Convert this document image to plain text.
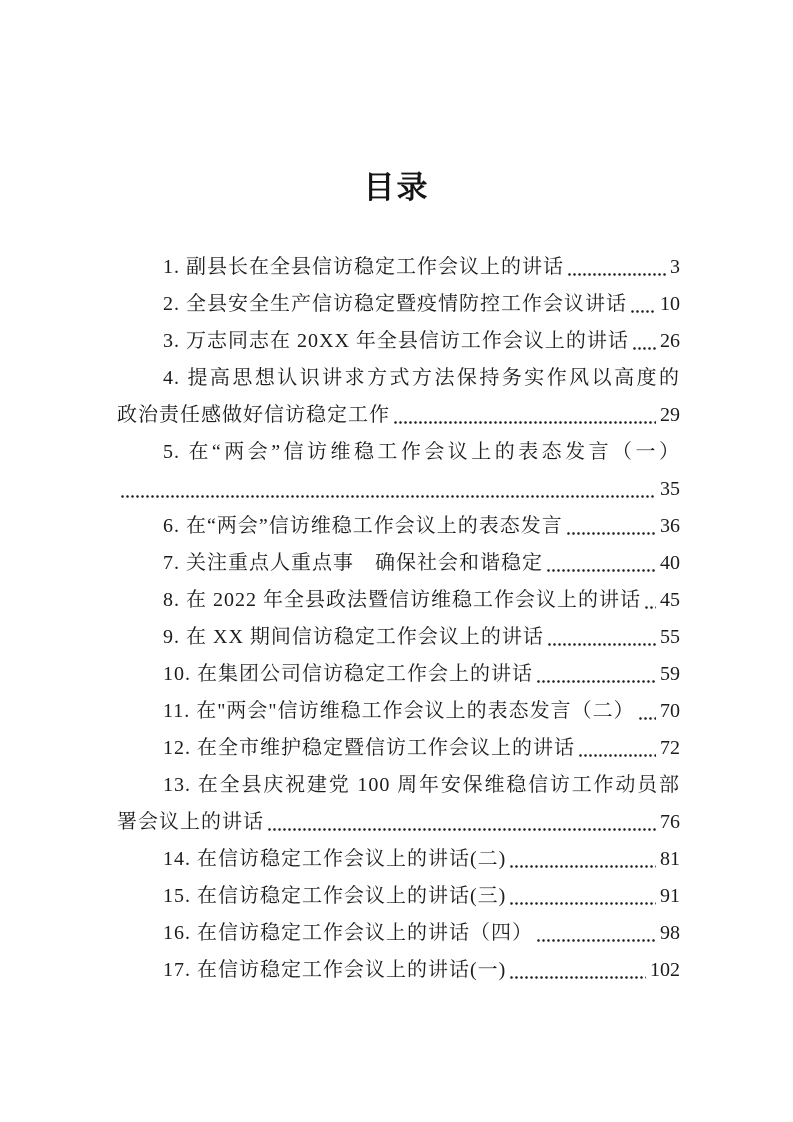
目录
1. 副县长在全县信访稳定工作会议上的讲话	3
2. 全县安全生产信访稳定暨疫情防控工作会议讲话 10
3. 万志同志在 20XX 年全县信访工作会议上的讲话 26
4. 提高思想认识讲求方式方法保持务实作风以高度的
政治责任感做好信访稳定工作	29
5. 在“两会”信访维稳工作会议上的表态发言（一）
35
6. 在“两会”信访维稳工作会议上的表态发言	36
7. 关注重点人重点事　确保社会和谐稳定	40
8. 在 2022 年全县政法暨信访维稳工作会议上的讲话 45
9. 在 XX 期间信访稳定工作会议上的讲话	55
10. 在集团公司信访稳定工作会上的讲话	59
11. 在"两会"信访维稳工作会议上的表态发言（二） 70
12. 在全市维护稳定暨信访工作会议上的讲话	72
13. 在全县庆祝建党 100 周年安保维稳信访工作动员部
署会议上的讲话	76
14. 在信访稳定工作会议上的讲话(二)	81
15. 在信访稳定工作会议上的讲话(三)	91
16. 在信访稳定工作会议上的讲话（四）	98
17. 在信访稳定工作会议上的讲话(一)	102
